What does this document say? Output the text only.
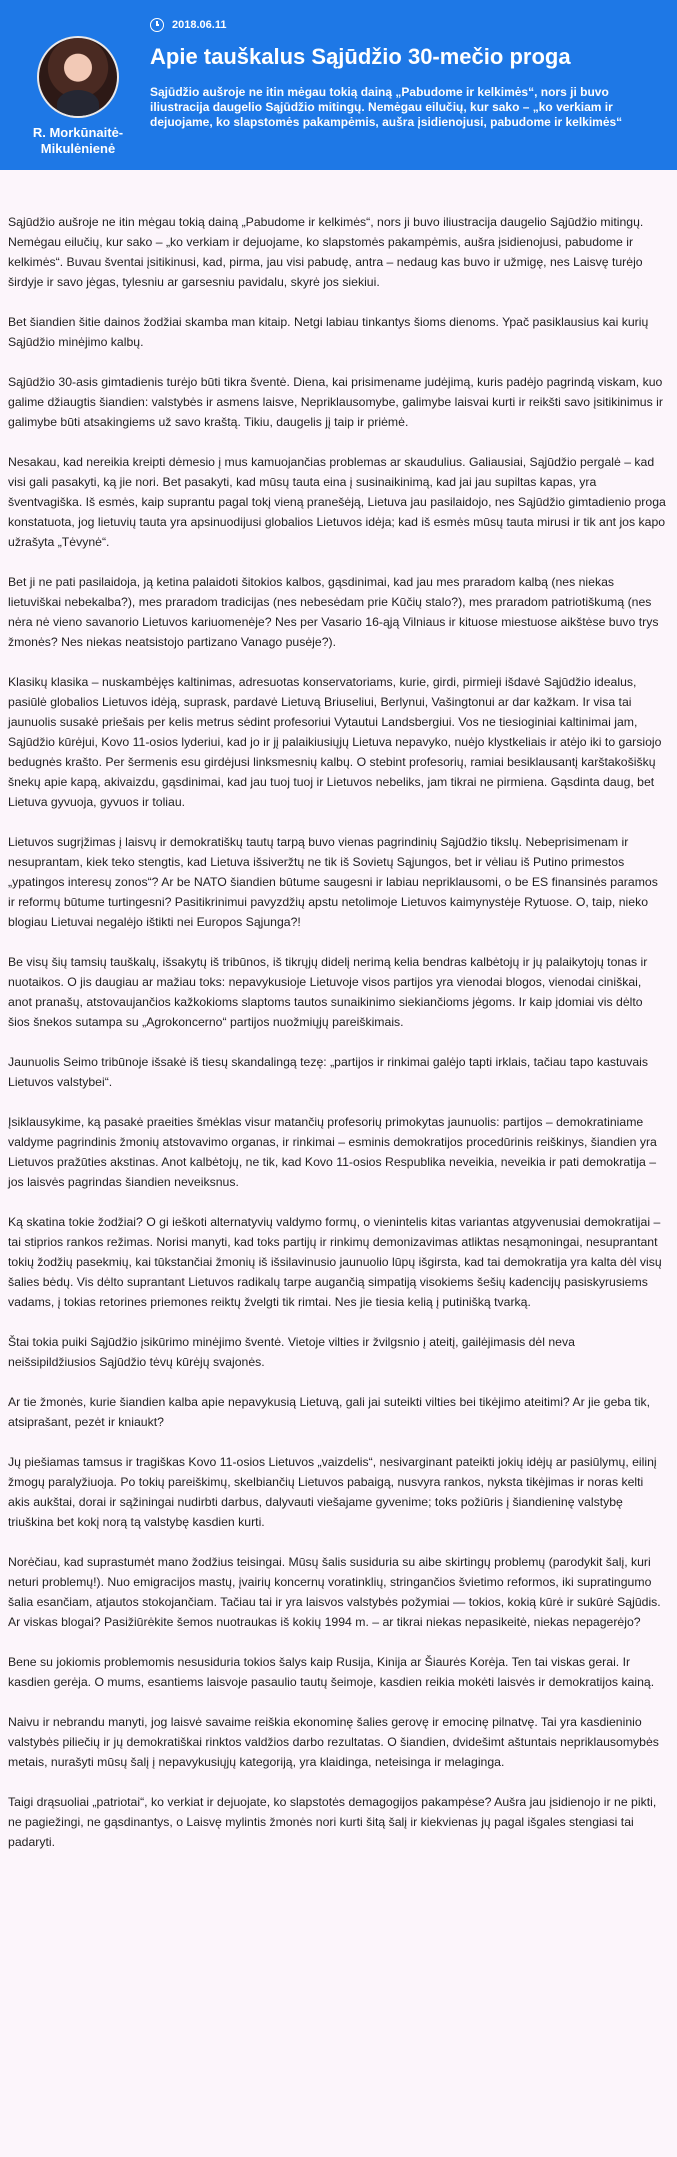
R. Morkūnaitė-Mikulėnienė
2018.06.11
Apie tauškalus Sąjūdžio 30-mečio proga
Sąjūdžio aušroje ne itin mėgau tokią dainą „Pabudome ir kelkimės“, nors ji buvo iliustracija daugelio Sąjūdžio mitingų. Nemėgau eilučių, kur sako – „ko verkiam ir dejuojame, ko slapstomės pakampėmis, aušra įsidienojusi, pabudome ir kelkimės“

Sąjūdžio aušroje ne itin mėgau tokią dainą „Pabudome ir kelkimės“, nors ji buvo iliustracija daugelio Sąjūdžio mitingų. Nemėgau eilučių, kur sako – „ko verkiam ir dejuojame, ko slapstomės pakampėmis, aušra įsidienojusi, pabudome ir kelkimės“. Buvau šventai įsitikinusi, kad, pirma, jau visi pabudę, antra – nedaug kas buvo ir užmigę, nes Laisvę turėjo širdyje ir savo jėgas, tylesniu ar garsesniu pavidalu, skyrė jos siekiui.

Bet šiandien šitie dainos žodžiai skamba man kitaip. Netgi labiau tinkantys šioms dienoms. Ypač pasiklausius kai kurių Sąjūdžio minėjimo kalbų.

Sąjūdžio 30-asis gimtadienis turėjo būti tikra šventė. Diena, kai prisimename judėjimą, kuris padėjo pagrindą viskam, kuo galime džiaugtis šiandien: valstybės ir asmens laisve, Nepriklausomybe, galimybe laisvai kurti ir reikšti savo įsitikinimus ir galimybe būti atsakingiems už savo kraštą. Tikiu, daugelis jį taip ir priėmė.

Nesakau, kad nereikia kreipti dėmesio į mus kamuojančias problemas ar skaudulius. Galiausiai, Sąjūdžio pergalė – kad visi gali pasakyti, ką jie nori. Bet pasakyti, kad mūsų tauta eina į susinaikinimą, kad jai jau supiltas kapas, yra šventvagiška. Iš esmės, kaip suprantu pagal tokį vieną pranešėją, Lietuva jau pasilaidojo, nes Sąjūdžio gimtadienio proga konstatuota, jog lietuvių tauta yra apsinuodijusi globalios Lietuvos idėja; kad iš esmės mūsų tauta mirusi ir tik ant jos kapo užrašyta „Tėvynė“.

Bet ji ne pati pasilaidoja, ją ketina palaidoti šitokios kalbos, gąsdinimai, kad jau mes praradom kalbą (nes niekas lietuviškai nebekalba?), mes praradom tradicijas (nes nebesėdam prie Kūčių stalo?), mes praradom patriotiškumą (nes nėra nė vieno savanorio Lietuvos kariuomenėje? Nes per Vasario 16-ąją Vilniaus ir kituose miestuose aikštėse buvo trys žmonės? Nes niekas neatsistojo partizano Vanago pusėje?).

Klasikų klasika – nuskambėjęs kaltinimas, adresuotas konservatoriams, kurie, girdi, pirmieji išdavė Sąjūdžio idealus, pasiūlė globalios Lietuvos idėją, suprask, pardavė Lietuvą Briuseliui, Berlynui, Vašingtonui ar dar kažkam. Ir visa tai jaunuolis susakė priešais per kelis metrus sėdint profesoriui Vytautui Landsbergiui. Vos ne tiesioginiai kaltinimai jam, Sąjūdžio kūrėjui, Kovo 11-osios lyderiui, kad jo ir jį palaikiusiųjų Lietuva nepavyko, nuėjo klystkeliais ir atėjo iki to garsiojo bedugnės krašto. Per šermenis esu girdėjusi linksmesnių kalbų. O stebint profesorių, ramiai besiklausantį karštakošiškų šnekų apie kapą, akivaizdu, gąsdinimai, kad jau tuoj tuoj ir Lietuvos nebeliks, jam tikrai ne pirmiena. Gąsdinta daug, bet Lietuva gyvuoja, gyvuos ir toliau.

Lietuvos sugrįžimas į laisvų ir demokratiškų tautų tarpą buvo vienas pagrindinių Sąjūdžio tikslų. Nebeprisimenam ir nesuprantam, kiek teko stengtis, kad Lietuva išsiveržtų ne tik iš Sovietų Sąjungos, bet ir vėliau iš Putino primestos „ypatingos interesų zonos“? Ar be NATO šiandien būtume saugesni ir labiau nepriklausomi, o be ES finansinės paramos ir reformų būtume turtingesni? Pasitikrinimui pavyzdžių apstu netolimoje Lietuvos kaimynystėje Rytuose. O, taip, nieko blogiau Lietuvai negalėjo ištikti nei Europos Sąjunga?!

Be visų šių tamsių tauškalų, išsakytų iš tribūnos, iš tikrųjų didelį nerimą kelia bendras kalbėtojų ir jų palaikytojų tonas ir nuotaikos. O jis daugiau ar mažiau toks: nepavykusioje Lietuvoje visos partijos yra vienodai blogos, vienodai ciniškai, anot pranašų, atstovaujančios kažkokioms slaptoms tautos sunaikinimo siekiančioms jėgoms. Ir kaip įdomiai vis dėlto šios šnekos sutampa su „Agrokoncerno“ partijos nuožmiųjų pareiškimais.

Jaunuolis Seimo tribūnoje išsakė iš tiesų skandalingą tezę: „partijos ir rinkimai galėjo tapti irklais, tačiau tapo kastuvais Lietuvos valstybei“.

Įsiklausykime, ką pasakė praeities šmėklas visur matančių profesorių primokytas jaunuolis: partijos – demokratiniame valdyme pagrindinis žmonių atstovavimo organas, ir rinkimai – esminis demokratijos procedūrinis reiškinys, šiandien yra Lietuvos pražūties akstinas. Anot kalbėtojų, ne tik, kad Kovo 11-osios Respublika neveikia, neveikia ir pati demokratija – jos laisvės pagrindas šiandien neveiksnus.

Ką skatina tokie žodžiai? O gi ieškoti alternatyvių valdymo formų, o vienintelis kitas variantas atgyvenusiai demokratijai – tai stiprios rankos režimas. Norisi manyti, kad toks partijų ir rinkimų demonizavimas atliktas nesąmoningai, nesuprantant tokių žodžių pasekmių, kai tūkstančiai žmonių iš išsilavinusio jaunuolio lūpų išgirsta, kad tai demokratija yra kalta dėl visų šalies bėdų. Vis dėlto suprantant Lietuvos radikalų tarpe augančią simpatiją visokiems šešių kadencijų pasiskyrusiems vadams, į tokias retorines priemones reiktų žvelgti tik rimtai. Nes jie tiesia kelią į putinišką tvarką.

Štai tokia puiki Sąjūdžio įsikūrimo minėjimo šventė. Vietoje vilties ir žvilgsnio į ateitį, gailėjimasis dėl neva neišsipildžiusios Sąjūdžio tėvų kūrėjų svajonės.

Ar tie žmonės, kurie šiandien kalba apie nepavykusią Lietuvą, gali jai suteikti vilties bei tikėjimo ateitimi? Ar jie geba tik, atsiprašant, pezėt ir kniaukt?

Jų piešiamas tamsus ir tragiškas Kovo 11-osios Lietuvos „vaizdelis“, nesivarginant pateikti jokių idėjų ar pasiūlymų, eilinį žmogų paralyžiuoja. Po tokių pareiškimų, skelbiančių Lietuvos pabaigą, nusvyra rankos, nyksta tikėjimas ir noras kelti akis aukštai, dorai ir sąžiningai nudirbti darbus, dalyvauti viešajame gyvenime; toks požiūris į šiandieninę valstybę triuškina bet kokį norą tą valstybę kasdien kurti.

Norėčiau, kad suprastumėt mano žodžius teisingai. Mūsų šalis susiduria su aibe skirtingų problemų (parodykit šalį, kuri neturi problemų!). Nuo emigracijos mastų, įvairių koncernų voratinklių, stringančios švietimo reformos, iki supratingumo šalia esančiam, atjautos stokojančiam. Tačiau tai ir yra laisvos valstybės požymiai — tokios, kokią kūrė ir sukūrė Sąjūdis. Ar viskas blogai? Pasižiūrėkite šemos nuotraukas iš kokių 1994 m. – ar tikrai niekas nepasikeitė, niekas nepagerėjo?

Bene su jokiomis problemomis nesusiduria tokios šalys kaip Rusija, Kinija ar Šiaurės Korėja. Ten tai viskas gerai. Ir kasdien gerėja. O mums, esantiems laisvoje pasaulio tautų šeimoje, kasdien reikia mokėti laisvės ir demokratijos kainą.

Naivu ir nebrandu manyti, jog laisvė savaime reiškia ekonominę šalies gerovę ir emocinę pilnatvę. Tai yra kasdieninio valstybės piliečių ir jų demokratiškai rinktos valdžios darbo rezultatas. O šiandien, dvidešimt aštuntais nepriklausomybės metais, nurašyti mūsų šalį į nepavykusiųjų kategoriją, yra klaidinga, neteisinga ir melaginga.

Taigi drąsuoliai „patriotai“, ko verkiat ir dejuojate, ko slapstotės demagogijos pakampėse? Aušra jau įsidienojo ir ne pikti, ne pagiežingi, ne gąsdinantys, o Laisvę mylintis žmonės nori kurti šitą šalį ir kiekvienas jų pagal išgales stengiasi tai padaryti.
